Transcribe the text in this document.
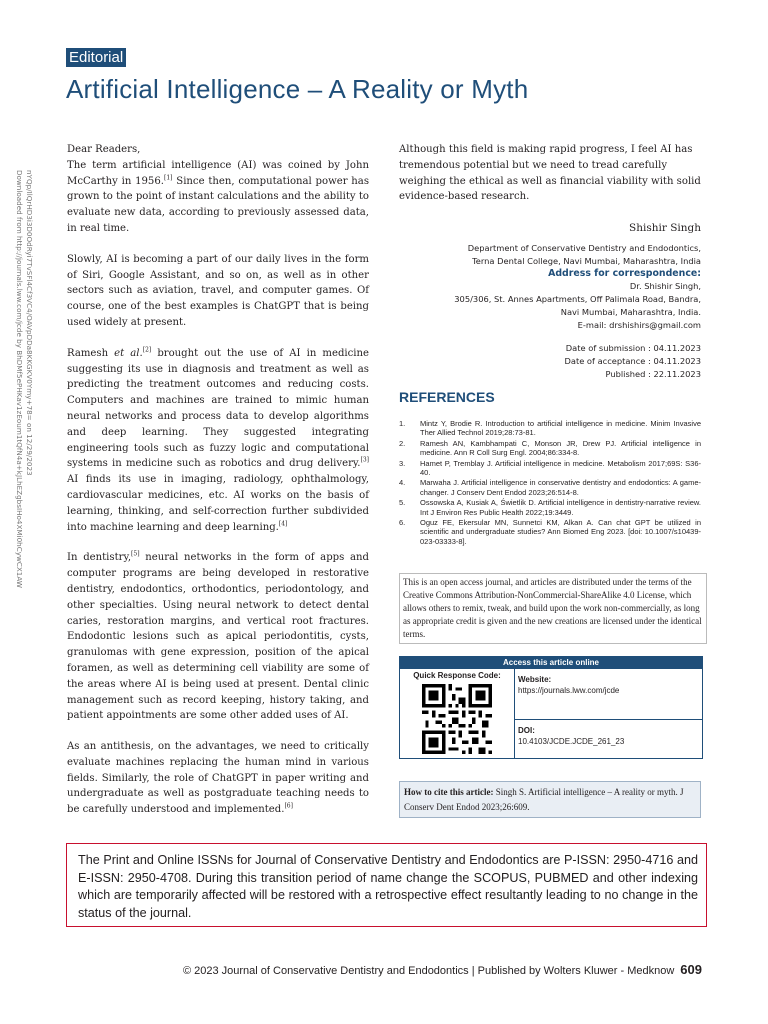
Editorial
Artificial Intelligence – A Reality or Myth
Downloaded from http://journals.lww.com/jcde by BhDMf5ePHKav1zEoum1tQfN4a+kJLhEZgbsIHo4XMi0hCywCX1AW nYQp/IlQrHD3i3D0OdRyi7TvSFl4Cf3VC4/OAVpDDa8KKGKV0Ymy+78= on 12/29/2023

Dear Readers,
The term artificial intelligence (AI) was coined by John McCarthy in 1956.[1] Since then, computational power has grown to the point of instant calculations and the ability to evaluate new data, according to previously assessed data, in real time.

Slowly, AI is becoming a part of our daily lives in the form of Siri, Google Assistant, and so on, as well as in other sectors such as aviation, travel, and computer games. Of course, one of the best examples is ChatGPT that is being used widely at present.

Ramesh et al.[2] brought out the use of AI in medicine suggesting its use in diagnosis and treatment as well as predicting the treatment outcomes and reducing costs. Computers and machines are trained to mimic human neural networks and process data to develop algorithms and deep learning. They suggested integrating engineering tools such as fuzzy logic and computational systems in medicine such as robotics and drug delivery.[3] AI finds its use in imaging, radiology, ophthalmology, cardiovascular medicines, etc. AI works on the basis of learning, thinking, and self-correction further subdivided into machine learning and deep learning.[4]

In dentistry,[5] neural networks in the form of apps and computer programs are being developed in restorative dentistry, endodontics, orthodontics, periodontology, and other specialties. Using neural network to detect dental caries, restoration margins, and vertical root fractures. Endodontic lesions such as apical periodontitis, cysts, granulomas with gene expression, position of the apical foramen, as well as determining cell viability are some of the areas where AI is being used at present. Dental clinic management such as record keeping, history taking, and patient appointments are some other added uses of AI.

As an antithesis, on the advantages, we need to critically evaluate machines replacing the human mind in various fields. Similarly, the role of ChatGPT in paper writing and undergraduate as well as postgraduate teaching needs to be carefully understood and implemented.[6]

Although this field is making rapid progress, I feel AI has tremendous potential but we need to tread carefully weighing the ethical as well as financial viability with solid evidence-based research.
Shishir Singh
Department of Conservative Dentistry and Endodontics,
Terna Dental College, Navi Mumbai, Maharashtra, India
Address for correspondence:
Dr. Shishir Singh,
305/306, St. Annes Apartments, Off Palimala Road, Bandra,
Navi Mumbai, Maharashtra, India.
E-mail: drshishirs@gmail.com
Date of submission : 04.11.2023
Date of acceptance : 04.11.2023
Published : 22.11.2023
REFERENCES
1. Mintz Y, Brodie R. Introduction to artificial intelligence in medicine. Minim Invasive Ther Allied Technol 2019;28:73-81.
2. Ramesh AN, Kambhampati C, Monson JR, Drew PJ. Artificial intelligence in medicine. Ann R Coll Surg Engl. 2004;86:334-8.
3. Hamet P, Tremblay J. Artificial intelligence in medicine. Metabolism 2017;69S: S36-40.
4. Marwaha J. Artificial intelligence in conservative dentistry and endodontics: A game-changer. J Conserv Dent Endod 2023;26:514-8.
5. Ossowska A, Kusiak A, Świetlik D. Artificial intelligence in dentistry-narrative review. Int J Environ Res Public Health 2022;19:3449.
6. Oguz FE, Ekersular MN, Sunnetci KM, Alkan A. Can chat GPT be utilized in scientific and undergraduate studies? Ann Biomed Eng 2023. [doi: 10.1007/s10439-023-03333-8].
This is an open access journal, and articles are distributed under the terms of the Creative Commons Attribution-NonCommercial-ShareAlike 4.0 License, which allows others to remix, tweak, and build upon the work non-commercially, as long as appropriate credit is given and the new creations are licensed under the identical terms.
Access this article online
Quick Response Code:	Website:
https://journals.lww.com/jcde
DOI:
10.4103/JCDE.JCDE_261_23
How to cite this article: Singh S. Artificial intelligence – A reality or myth. J Conserv Dent Endod 2023;26:609.
The Print and Online ISSNs for Journal of Conservative Dentistry and Endodontics are P-ISSN: 2950-4716 and E-ISSN: 2950-4708. During this transition period of name change the SCOPUS, PUBMED and other indexing which are temporarily affected will be restored with a retrospective effect resultantly leading to no change in the status of the journal.
© 2023 Journal of Conservative Dentistry and Endodontics | Published by Wolters Kluwer - Medknow 609
